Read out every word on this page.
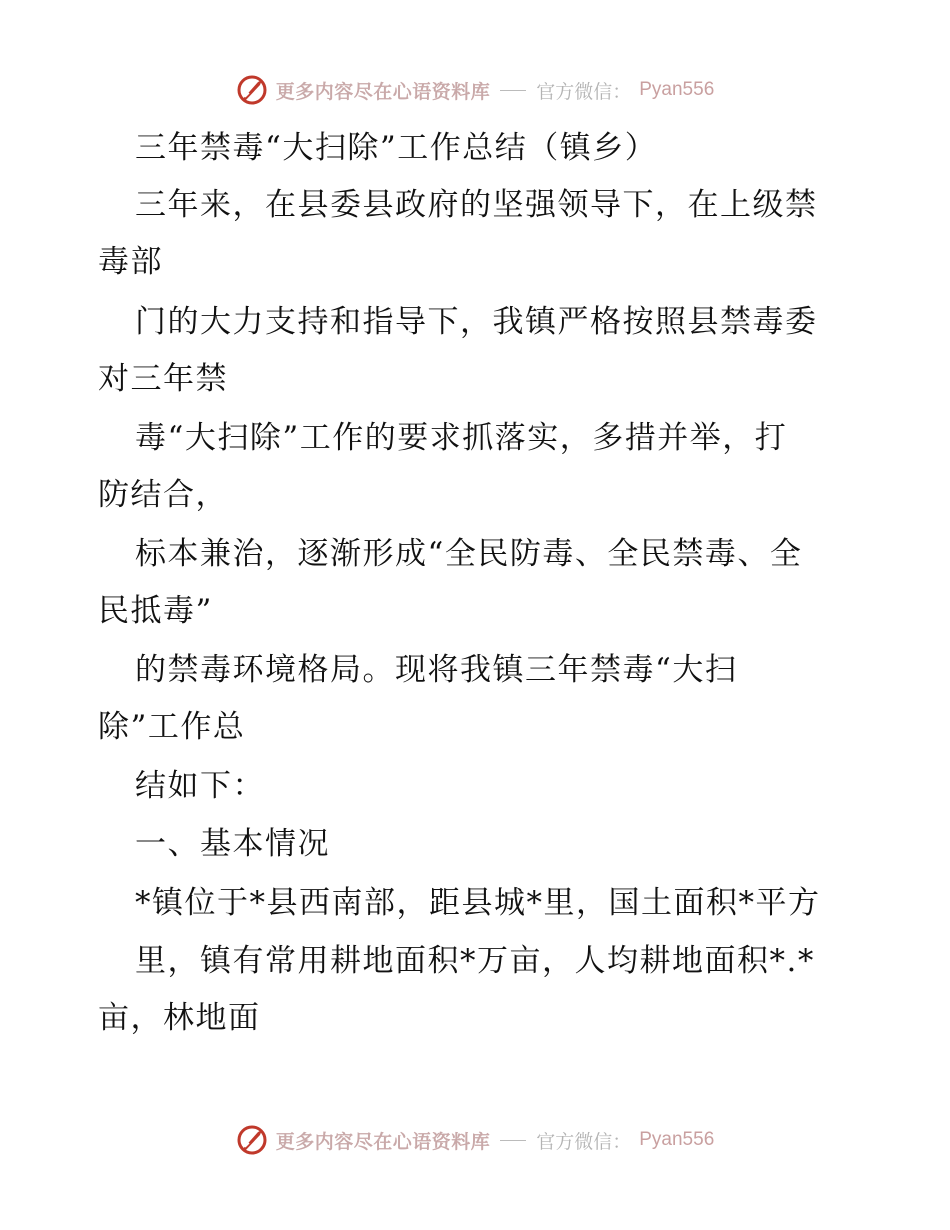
更多内容尽在心语资料库 官方微信： Pyan556
三年禁毒“大扫除”工作总结（镇乡）
三年来，在县委县政府的坚强领导下，在上级禁
毒部
门的大力支持和指导下，我镇严格按照县禁毒委
对三年禁
毒“大扫除”工作的要求抓落实，多措并举，打
防结合，
标本兼治，逐渐形成“全民防毒、全民禁毒、全
民抵毒”
的禁毒环境格局。现将我镇三年禁毒“大扫
除”工作总
结如下：
一、基本情况
*镇位于*县西南部，距县城*里，国土面积*平方
里，镇有常用耕地面积*万亩，人均耕地面积*.*
亩，林地面
更多内容尽在心语资料库 官方微信： Pyan556
